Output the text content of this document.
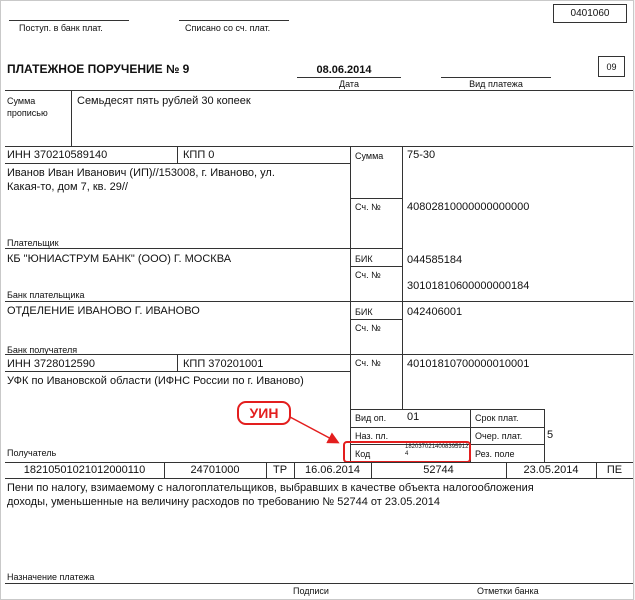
0401060
Поступ. в банк плат.	Списано со сч. плат.
ПЛАТЕЖНОЕ ПОРУЧЕНИЕ № 9	08.06.2014
Дата	Вид платежа
09
Сумма прописью
Семьдесят пять рублей 30 копеек
ИНН 370210589140	КПП 0
Иванов Иван Иванович (ИП)//153008, г. Иваново, ул.
Какая-то, дом 7, кв. 29//
Плательщик
Сумма 75-30
Сч. № 40802810000000000000
КБ "ЮНИАСТРУМ БАНК" (ООО) Г. МОСКВА
Банк плательщика
БИК	044585184
Сч. №
30101810600000000184
ОТДЕЛЕНИЕ ИВАНОВО Г. ИВАНОВО
Банк получателя
БИК	042406001
Сч. №
ИНН 3728012590	КПП 370201001
УФК по Ивановской области (ИФНС России по г. Иваново)
Получатель
Сч. № 40101810700000010001
Вид оп. 01
Наз. пл.
Код
18203702140083959124
Срок плат.
Очер. плат. 5
Рез. поле
УИН
18210501021012000110	24701000	ТР	16.06.2014	52744	23.05.2014	ПЕ
Пени по налогу, взимаемому с налогоплательщиков, выбравших в качестве объекта налогообложения
доходы, уменьшенные на величину расходов по требованию № 52744 от 23.05.2014
Назначение платежа
Подписи	Отметки банка
